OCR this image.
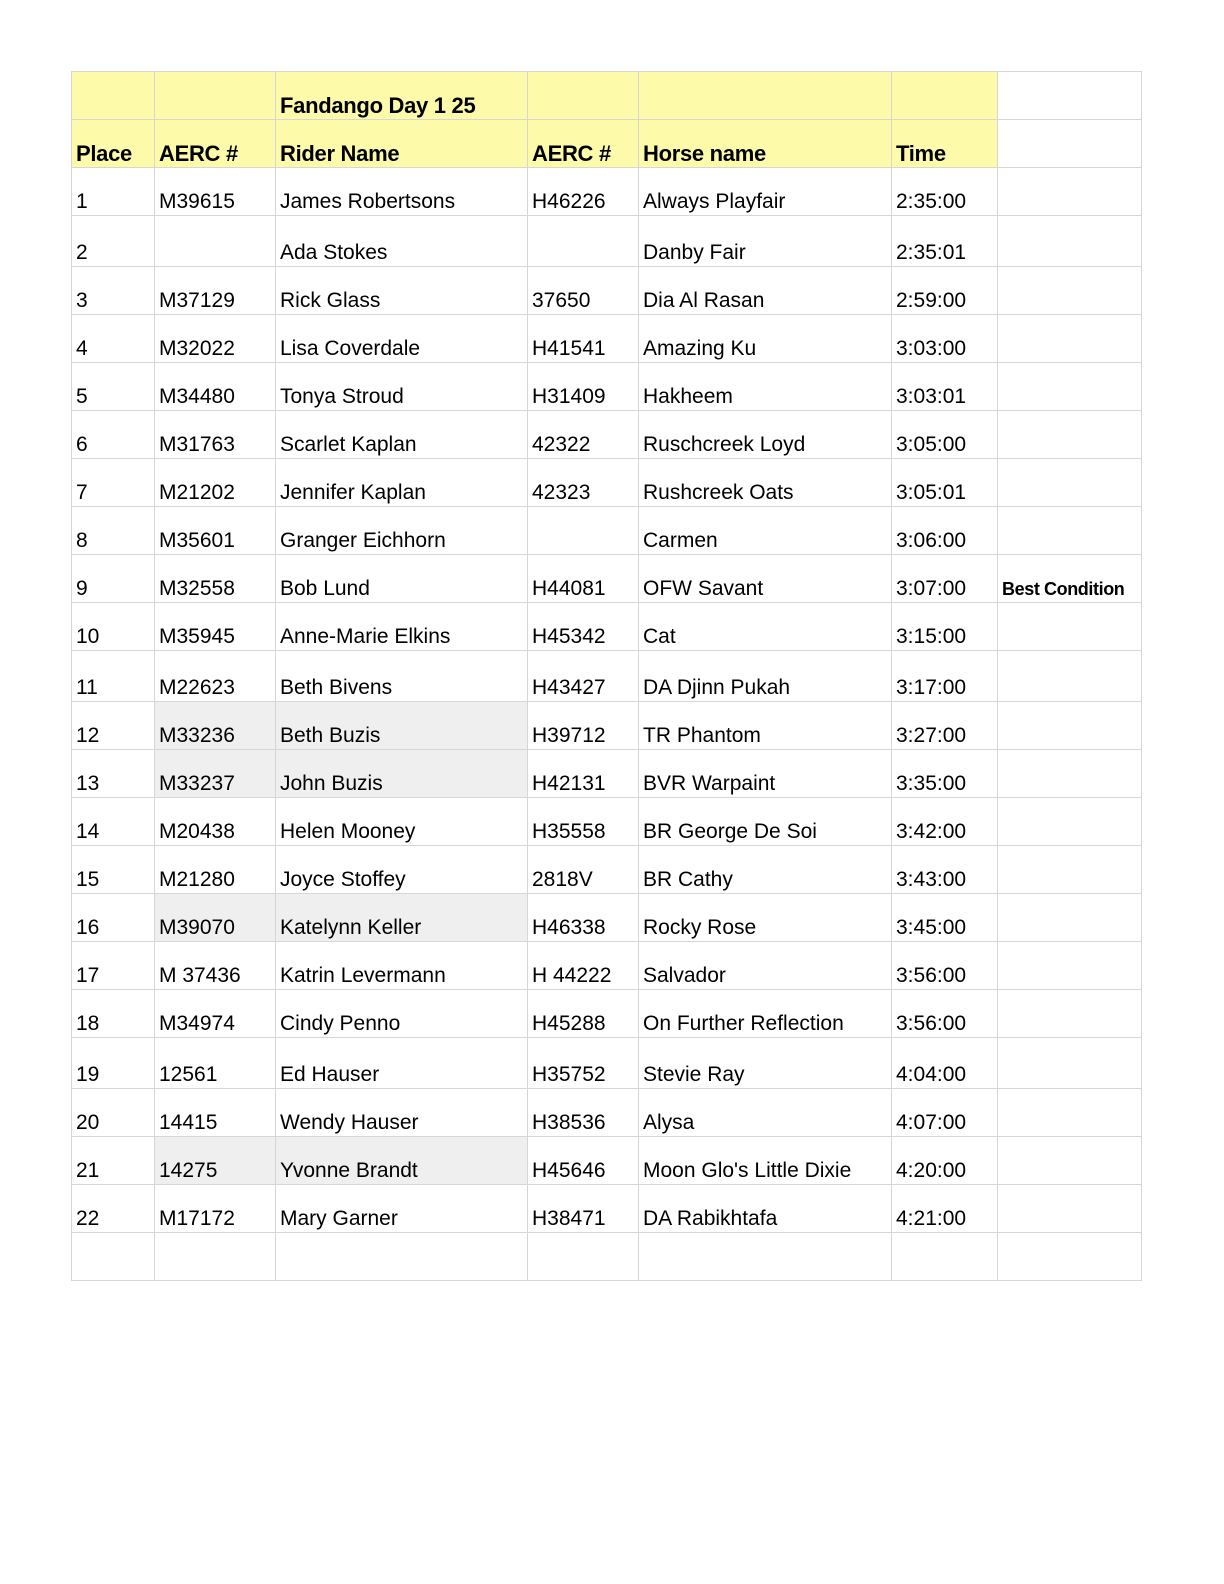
		Fandango Day 1 25				
Place	AERC #	Rider Name	AERC #	Horse name	Time	
1	M39615	James Robertsons	H46226	Always Playfair	2:35:00	
2		Ada Stokes		Danby Fair	2:35:01	
3	M37129	Rick Glass	37650	Dia Al Rasan	2:59:00	
4	M32022	Lisa Coverdale	H41541	Amazing Ku	3:03:00	
5	M34480	Tonya Stroud	H31409	Hakheem	3:03:01	
6	M31763	Scarlet Kaplan	42322	Ruschcreek Loyd	3:05:00	
7	M21202	Jennifer Kaplan	42323	Rushcreek Oats	3:05:01	
8	M35601	Granger Eichhorn		Carmen	3:06:00	
9	M32558	Bob Lund	H44081	OFW Savant	3:07:00	Best Condition
10	M35945	Anne-Marie Elkins	H45342	Cat	3:15:00	
11	M22623	Beth Bivens	H43427	DA Djinn Pukah	3:17:00	
12	M33236	Beth Buzis	H39712	TR Phantom	3:27:00	
13	M33237	John Buzis	H42131	BVR Warpaint	3:35:00	
14	M20438	Helen Mooney	H35558	BR George De Soi	3:42:00	
15	M21280	Joyce Stoffey	2818V	BR Cathy	3:43:00	
16	M39070	Katelynn Keller	H46338	Rocky Rose	3:45:00	
17	M 37436	Katrin Levermann	H 44222	Salvador	3:56:00	
18	M34974	Cindy Penno	H45288	On Further Reflection	3:56:00	
19	12561	Ed Hauser	H35752	Stevie Ray	4:04:00	
20	14415	Wendy Hauser	H38536	Alysa	4:07:00	
21	14275	Yvonne Brandt	H45646	Moon Glo's Little Dixie	4:20:00	
22	M17172	Mary Garner	H38471	DA Rabikhtafa	4:21:00	
